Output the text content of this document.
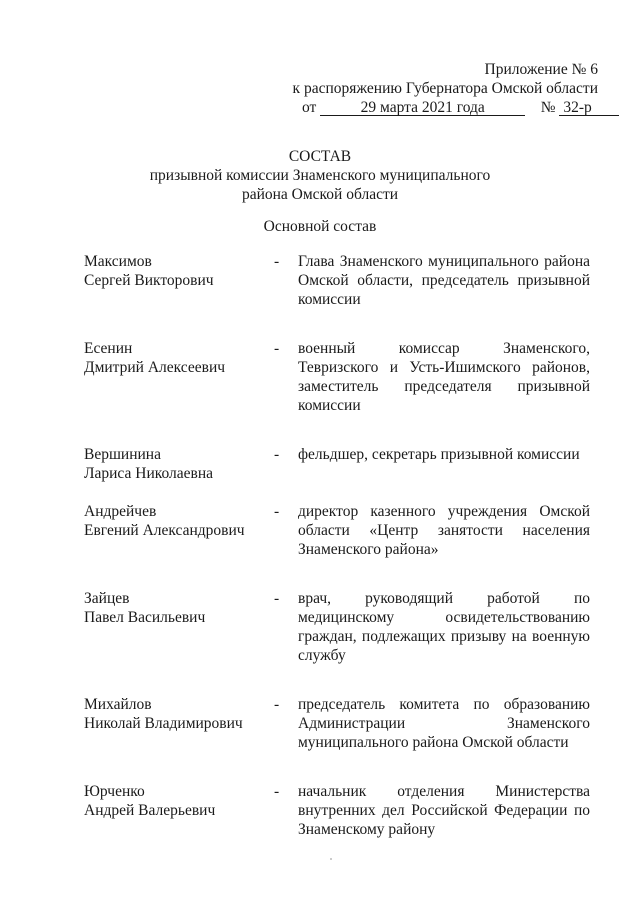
Приложение № 6
к распоряжению Губернатора Омской области
от	29 марта 2021 года	№ 32-р
СОСТАВ
призывной комиссии Знаменского муниципального
района Омской области
Основной состав
Максимов
Сергей Викторович
-	Глава Знаменского муниципального района Омской области, председатель призывной комиссии
Есенин
Дмитрий Алексеевич
-	военный комиссар Знаменского, Тевризского и Усть-Ишимского районов, заместитель председателя призывной комиссии
Вершинина
Лариса Николаевна
-	фельдшер, секретарь призывной комиссии
Андрейчев
Евгений Александрович
-	директор казенного учреждения Омской области «Центр занятости населения Знаменского района»
Зайцев
Павел Васильевич
-	врач, руководящий работой по медицинскому освидетельствованию граждан, подлежащих призыву на военную службу
Михайлов
Николай Владимирович
-	председатель комитета по образованию Администрации Знаменского муниципального района Омской области
Юрченко
Андрей Валерьевич
-	начальник отделения Министерства внутренних дел Российской Федерации по Знаменскому району
